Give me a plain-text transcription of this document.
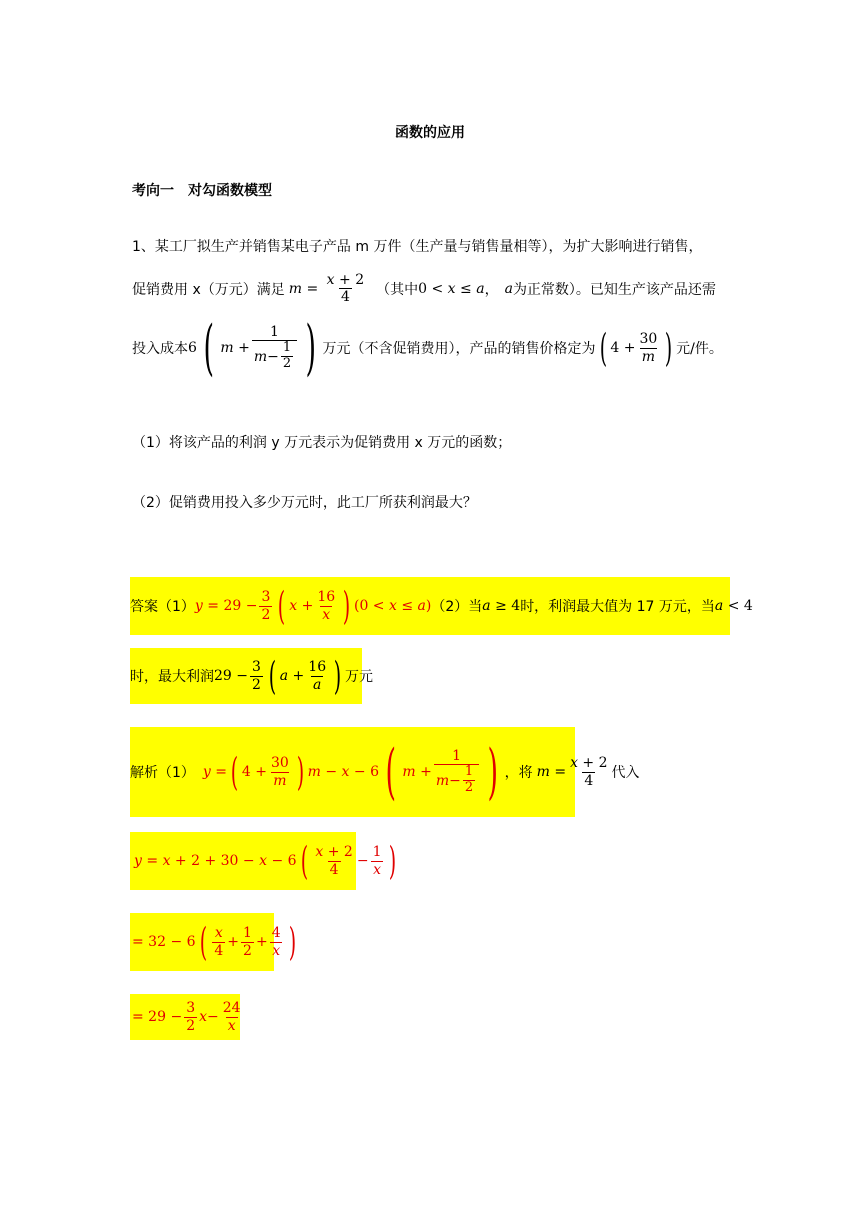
函数的应用
考向一　对勾函数模型
1、某工厂拟生产并销售某电子产品 m 万件（生产量与销售量相等），为扩大影响进行销售，
促销费用 x（万元）满足 $m = \frac{x + 2}{4}$ （其中 0 < x ≤ a ， a 为正常数）。已知生产该产品还需
投入成本 6 ( $m + \frac{1}{m - \frac{1}{2}}$ ) 万元（不含促销费用），产品的销售价格定为 ( $4 + \frac{30}{m}$ ) 元/件。
（1）将该产品的利润 y 万元表示为促销费用 x 万元的函数；
（2）促销费用投入多少万元时，此工厂所获利润最大？
答案（1） $y = 29 - \frac{3}{2}$ ( $x + \frac{16}{x}$ ) (0 < x ≤ a) （2）当 a ≥ 4 时，利润最大值为 17 万元，当 a < 4
时，最大利润 $29 - \frac{3}{2}$ ( $a + \frac{16}{a}$ ) 万元
解析（1） y = ( $4 + \frac{30}{m}$ ) m − x − 6 ( $m + \frac{1}{m - \frac{1}{2}}$ ) ，将 $m = \frac{x + 2}{4}$ 代入
y = x + 2 + 30 − x − 6 ( $\frac{x + 2}{4} - \frac{1}{x}$ )
= 32 − 6 ( $\frac{x}{4} + \frac{1}{2} + \frac{4}{x}$ )
= $29 - \frac{3}{2}$ $x - \frac{24}{x}$
